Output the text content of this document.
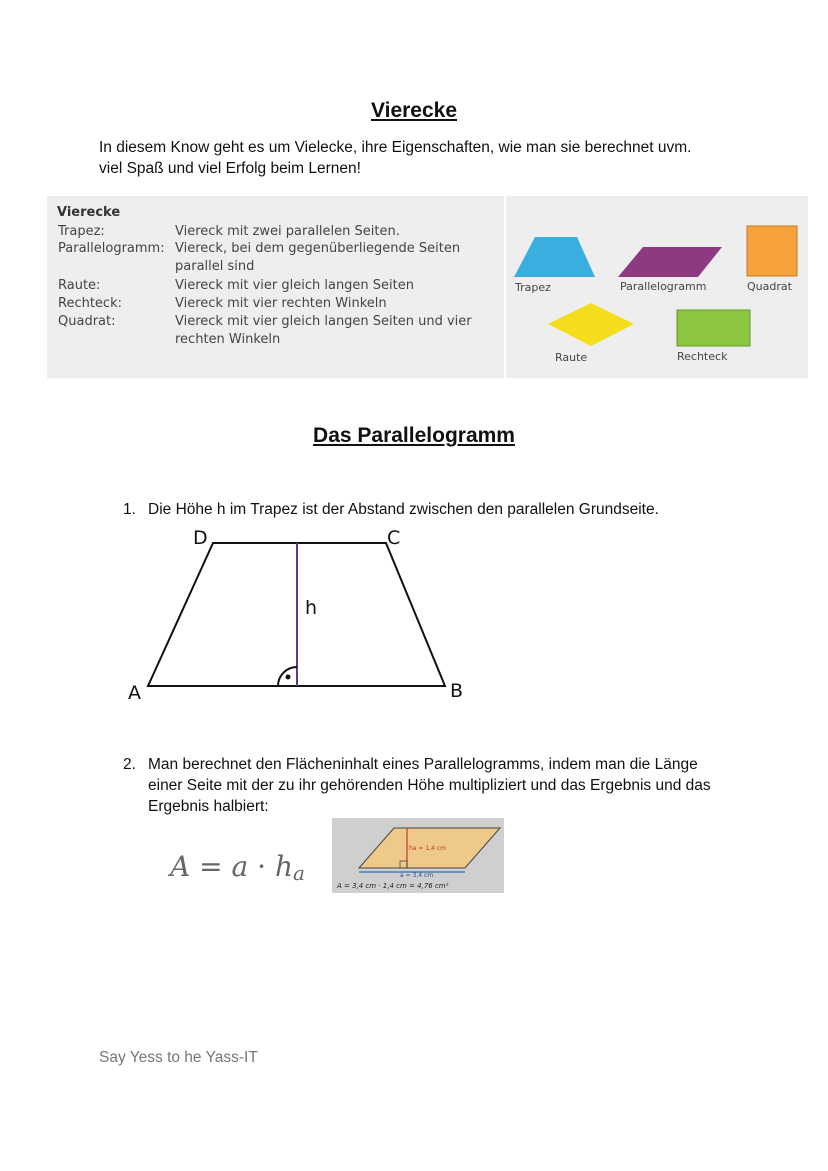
Vierecke
In diesem Know geht es um Vielecke, ihre Eigenschaften, wie man sie berechnet uvm. viel Spaß und viel Erfolg beim Lernen!
Vierecke
Trapez:	Viereck mit zwei parallelen Seiten.
Parallelogramm: Viereck, bei dem gegenüberliegende Seiten parallel sind
Raute:	Viereck mit vier gleich langen Seiten
Rechteck:	Viereck mit vier rechten Winkeln
Quadrat:	Viereck mit vier gleich langen Seiten und vier rechten Winkeln
Trapez	Parallelogramm	Quadrat
Raute	Rechteck
Das Parallelogramm
1. Die Höhe h im Trapez ist der Abstand zwischen den parallelen Grundseite.
D	C
A	B
h
2. Man berechnet den Flächeninhalt eines Parallelogramms, indem man die Länge einer Seite mit der zu ihr gehörenden Höhe multipliziert und das Ergebnis und das Ergebnis halbiert:
A = a · ha
ha = 1,4 cm
a = 3,4 cm
A = 3,4 cm · 1,4 cm = 4,76 cm²
Say Yess to he Yass-IT
